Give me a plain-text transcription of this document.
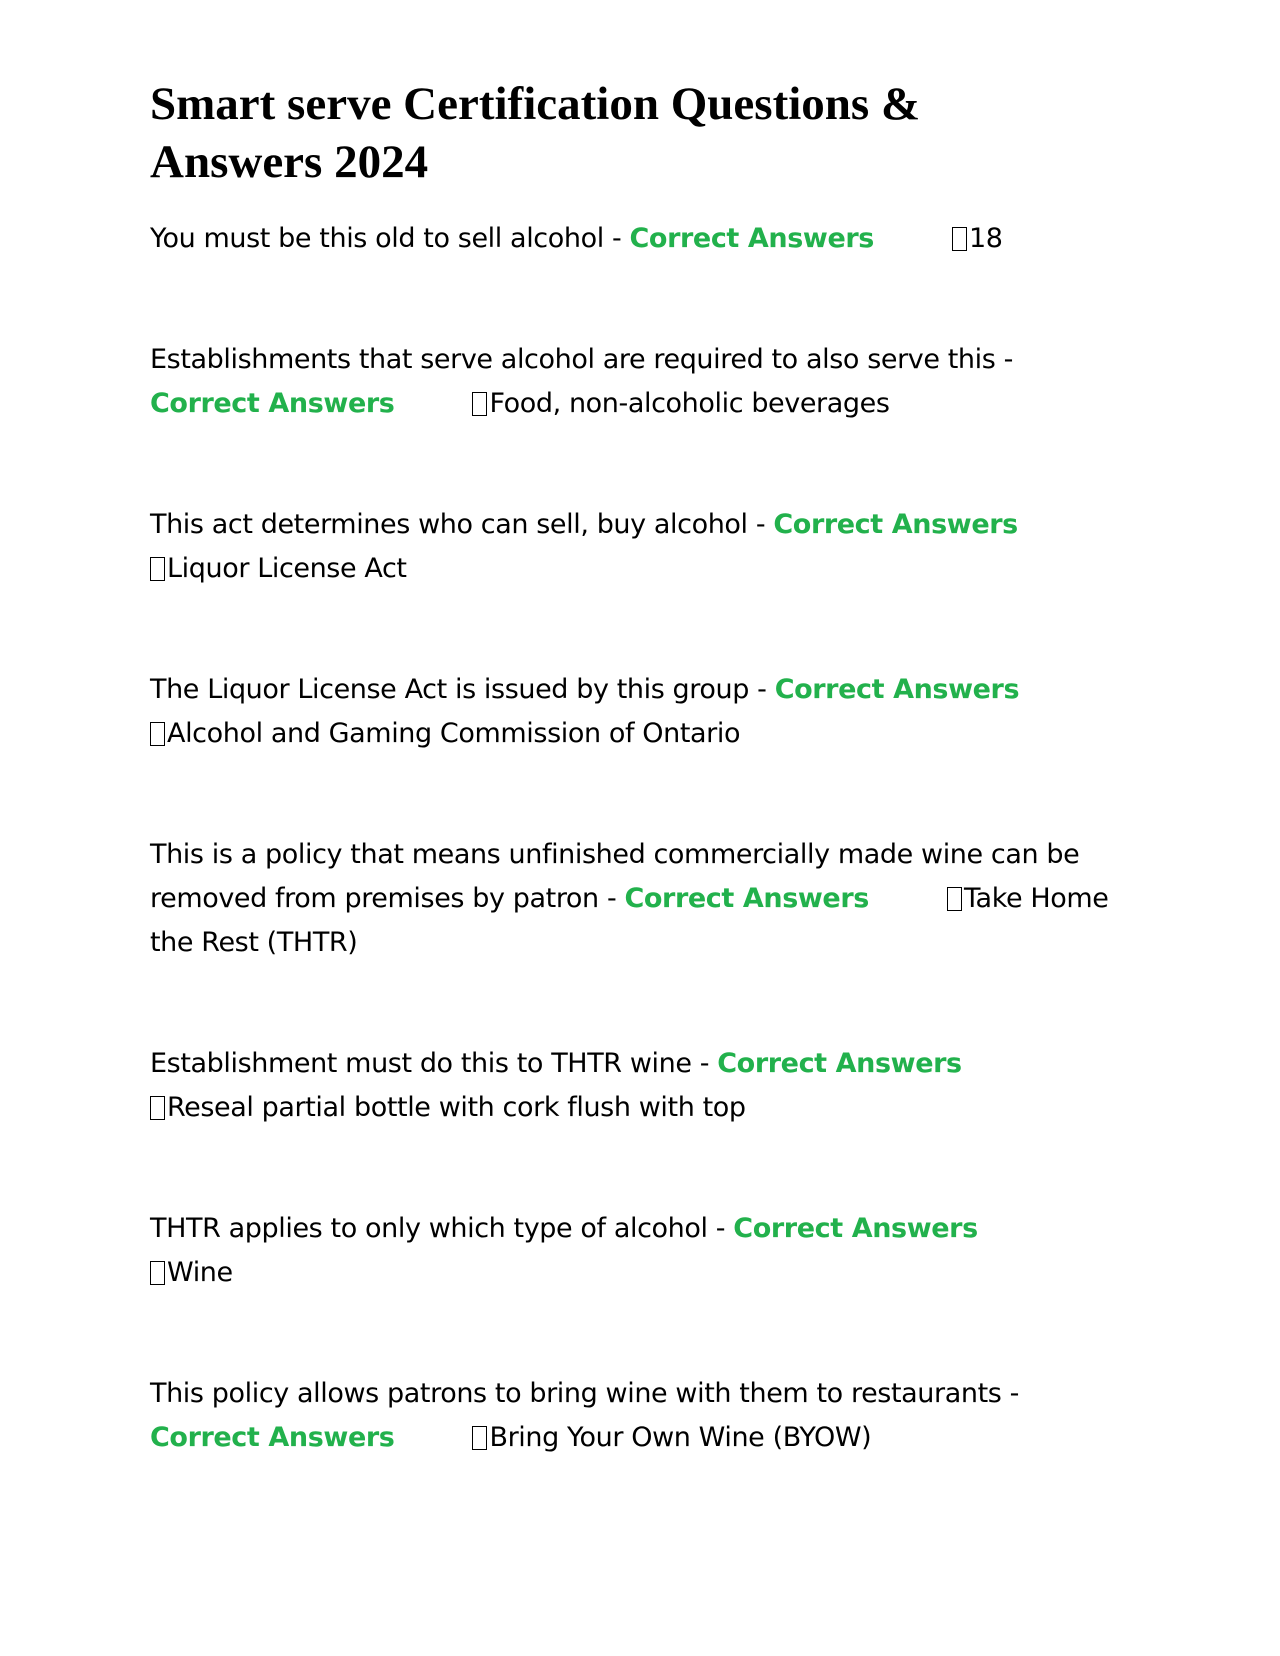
Smart serve Certification Questions & Answers 2024

You must be this old to sell alcohol - Correct Answers	18

Establishments that serve alcohol are required to also serve this -
Correct Answers	Food, non-alcoholic beverages

This act determines who can sell, buy alcohol - Correct Answers
Liquor License Act

The Liquor License Act is issued by this group - Correct Answers
Alcohol and Gaming Commission of Ontario

This is a policy that means unfinished commercially made wine can be removed from premises by patron - Correct Answers	Take Home the Rest (THTR)

Establishment must do this to THTR wine - Correct Answers
Reseal partial bottle with cork flush with top

THTR applies to only which type of alcohol - Correct Answers
Wine

This policy allows patrons to bring wine with them to restaurants -
Correct Answers	Bring Your Own Wine (BYOW)
